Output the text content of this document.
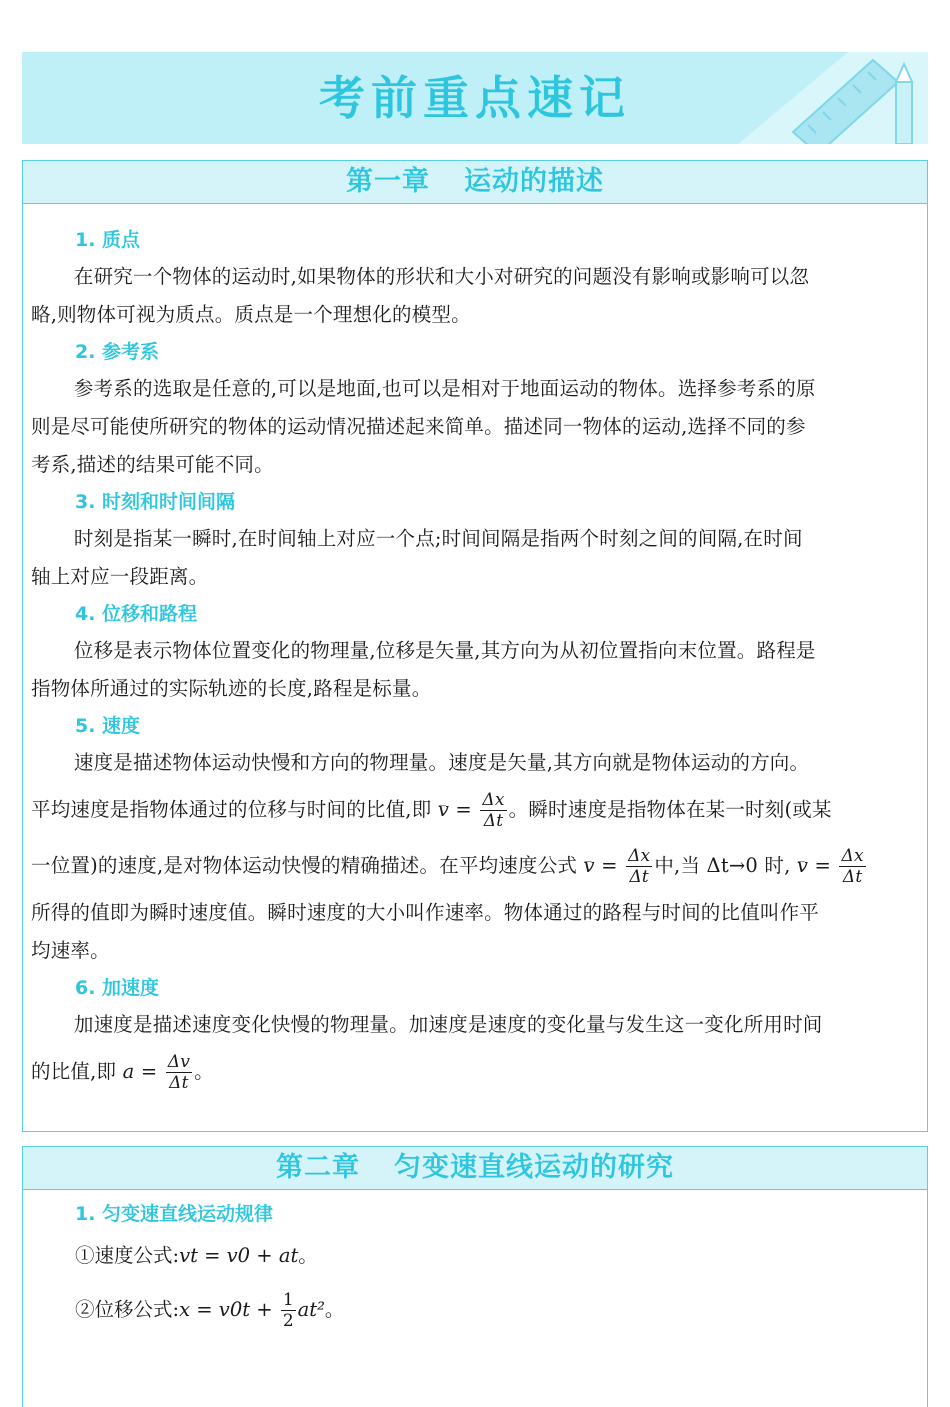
考前重点速记
第一章 运动的描述
1. 质点

在研究一个物体的运动时,如果物体的形状和大小对研究的问题没有影响或影响可以忽
略,则物体可视为质点。质点是一个理想化的模型。

2. 参考系

参考系的选取是任意的,可以是地面,也可以是相对于地面运动的物体。选择参考系的原
则是尽可能使所研究的物体的运动情况描述起来简单。描述同一物体的运动,选择不同的参
考系,描述的结果可能不同。

3. 时刻和时间间隔

时刻是指某一瞬时,在时间轴上对应一个点;时间间隔是指两个时刻之间的间隔,在时间
轴上对应一段距离。

4. 位移和路程

位移是表示物体位置变化的物理量,位移是矢量,其方向为从初位置指向末位置。路程是
指物体所通过的实际轨迹的长度,路程是标量。

5. 速度

速度是描述物体运动快慢和方向的物理量。速度是矢量,其方向就是物体运动的方向。
平均速度是指物体通过的位移与时间的比值,即 ‾ $v = \frac{\Delta x}{\Delta t}$ 。瞬时速度是指物体在某一时刻(或某
一位置)的速度,是对物体运动快慢的精确描述。在平均速度公式 ‾ $v = \frac{\Delta x}{\Delta t}$ 中,当 Δt→0 时, ‾ $v = \frac{\Delta x}{\Delta t}$
所得的值即为瞬时速度值。瞬时速度的大小叫作速率。物体通过的路程与时间的比值叫作平
均速率。

6. 加速度

加速度是描述速度变化快慢的物理量。加速度是速度的变化量与发生这一变化所用时间
的比值,即 $a = \frac{\Delta v}{\Delta t}$ 。

第二章 匀变速直线运动的研究
1. 匀变速直线运动规律
①速度公式:vt = v0 + at。
②位移公式:x = $v0t + \frac{1}{2} at^2$。
